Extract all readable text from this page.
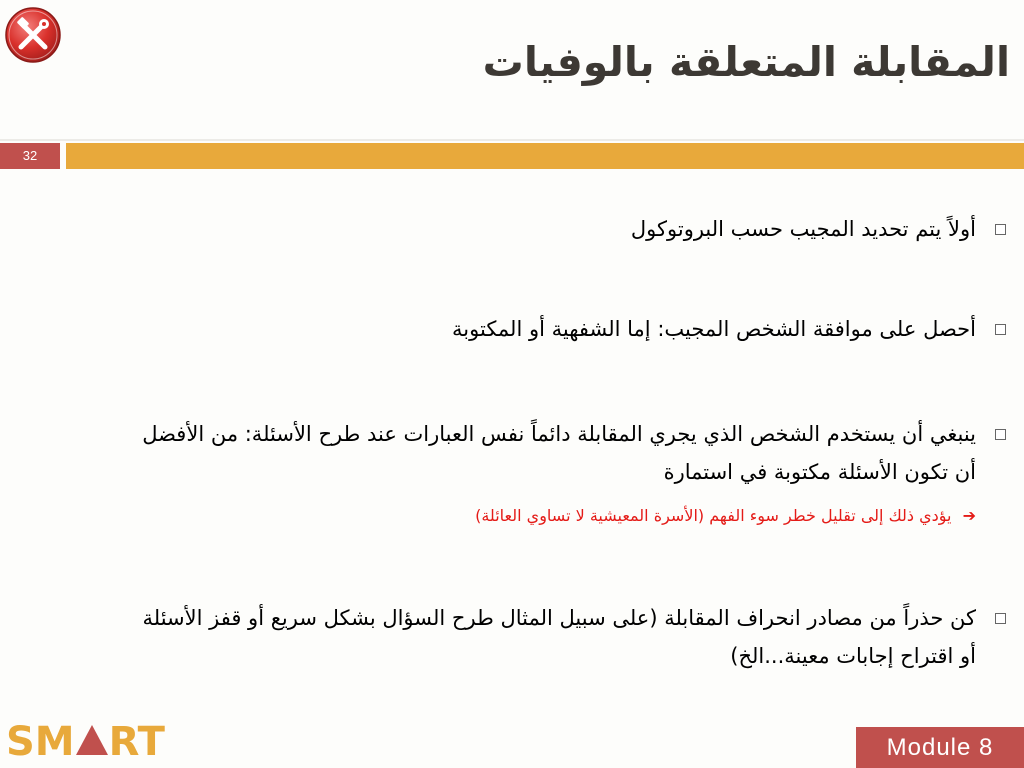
المقابلة المتعلقة بالوفيات
32
أولاً يتم تحديد المجيب حسب البروتوكول
أحصل على موافقة الشخص المجيب: إما الشفهية أو المكتوبة
ينبغي أن يستخدم الشخص الذي يجري المقابلة دائماً نفس العبارات عند طرح الأسئلة: من الأفضل أن تكون الأسئلة مكتوبة في استمارة
➔ يؤدي ذلك إلى تقليل خطر سوء الفهم (الأسرة المعيشية لا تساوي العائلة)
كن حذراً من مصادر انحراف المقابلة (على سبيل المثال طرح السؤال بشكل سريع أو قفز الأسئلة أو اقتراح إجابات معينة...الخ)
SM RT	Module 8
